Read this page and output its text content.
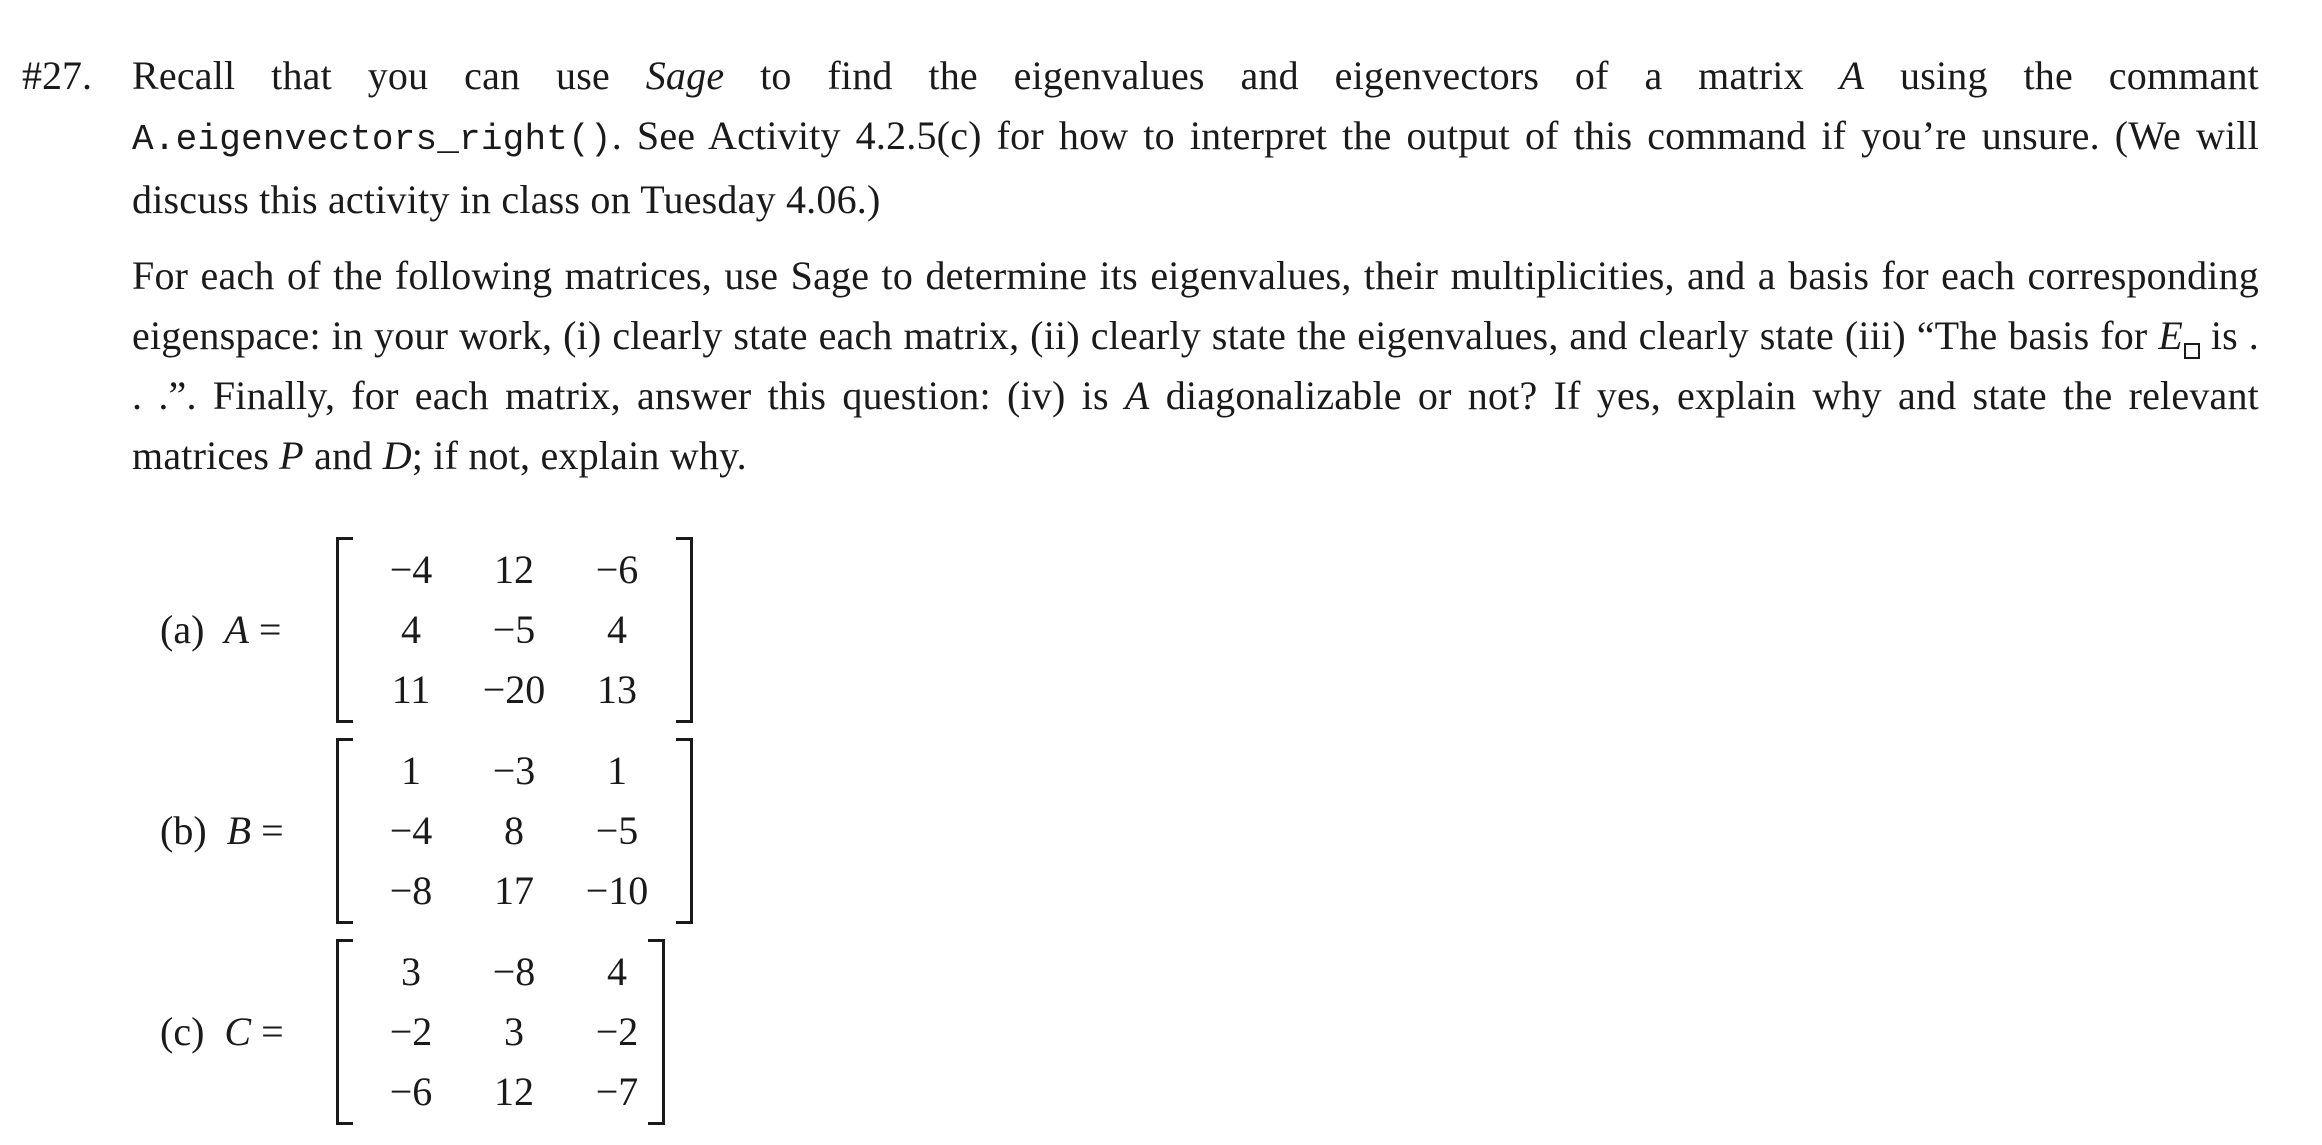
#27. Recall that you can use Sage to find the eigenvalues and eigenvectors of a matrix A using the commant A.eigenvectors_right(). See Activity 4.2.5(c) for how to interpret the output of this command if you’re unsure. (We will discuss this activity in class on Tuesday 4.06.)
For each of the following matrices, use Sage to determine its eigenvalues, their multiplicities, and a basis for each corresponding eigenspace: in your work, (i) clearly state each matrix, (ii) clearly state the eigenvalues, and clearly state (iii) “The basis for E is . . .”. Finally, for each matrix, answer this question: (iv) is A diagonalizable or not? If yes, explain why and state the relevant matrices P and D; if not, explain why.
(a)  A =
−4	12	−6
4	−5	4
11	−20	13
(b)  B =
1	−3	1
−4	8	−5
−8	17	−10
(c)  C =
3	−8	4
−2	3	−2
−6	12	−7
